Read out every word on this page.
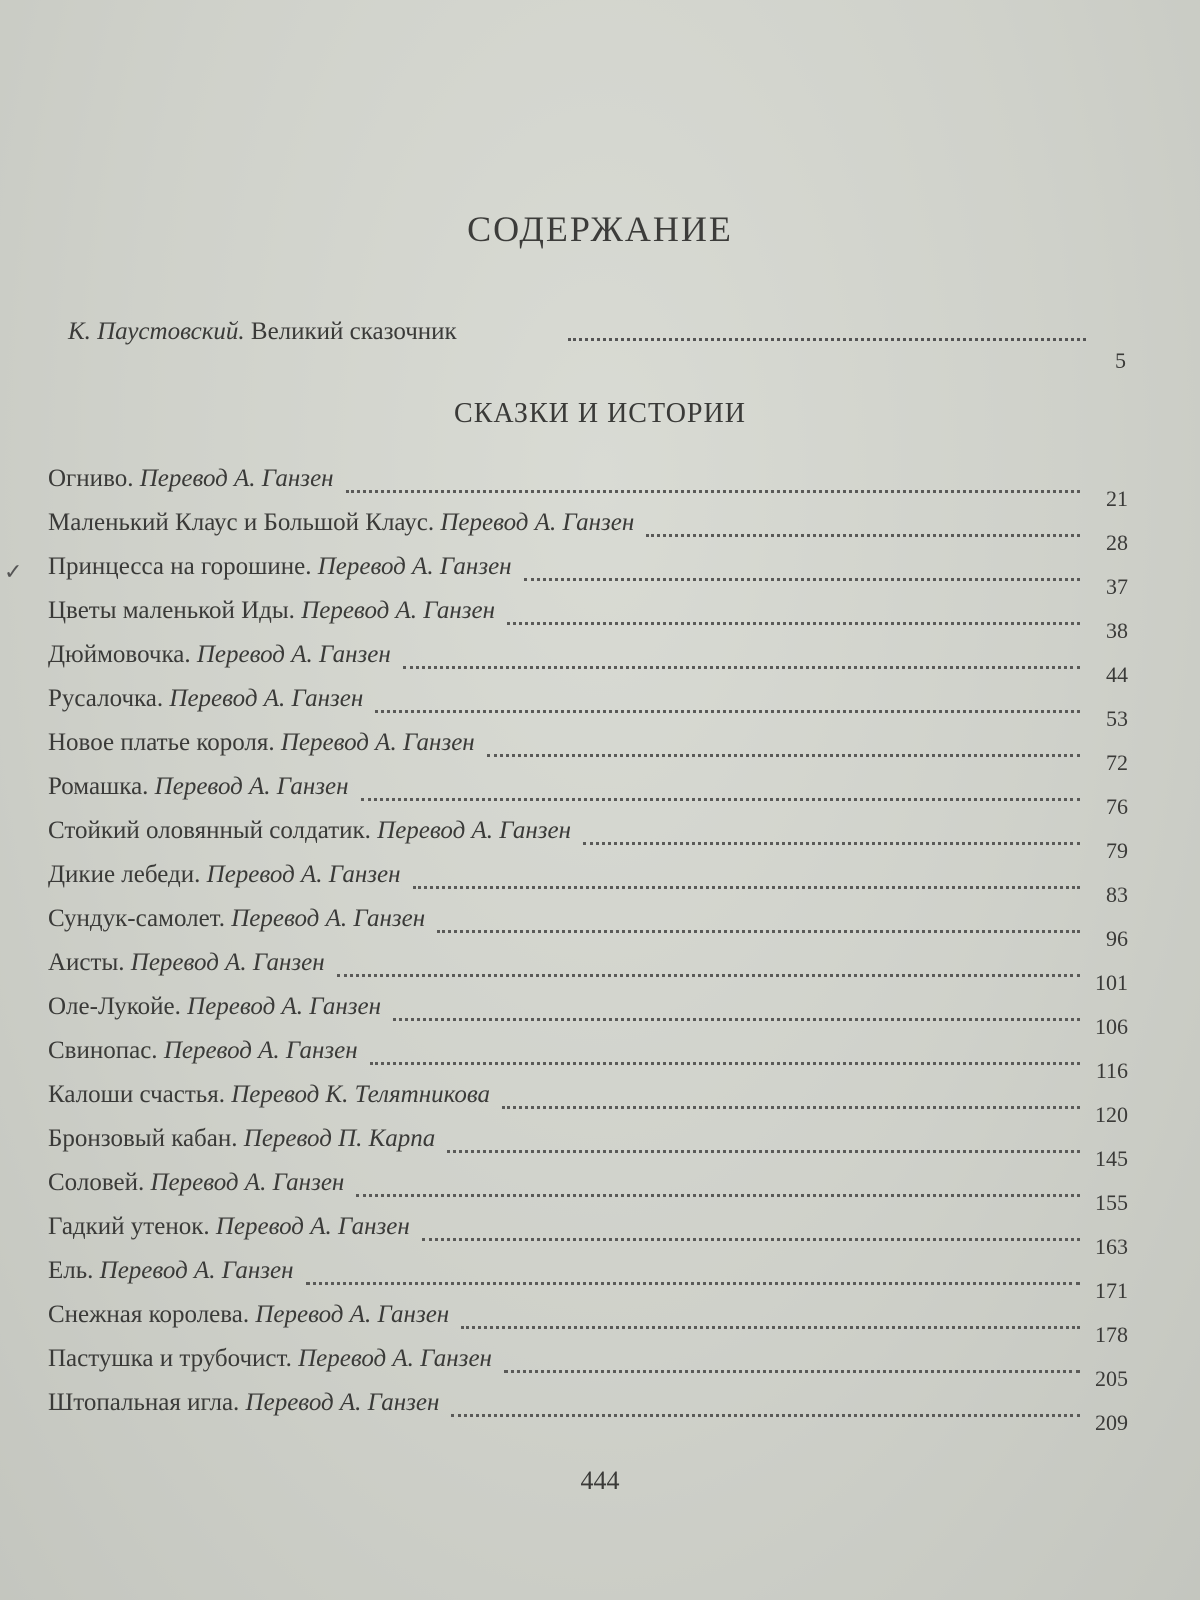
СОДЕРЖАНИЕ
К. Паустовский. Великий сказочник
5
СКАЗКИ И ИСТОРИИ
Огниво. Перевод А. Ганзен
21
Маленький Клаус и Большой Клаус. Перевод А. Ганзен
28
✓ Принцесса на горошине. Перевод А. Ганзен
37
Цветы маленькой Иды. Перевод А. Ганзен
38
Дюймовочка. Перевод А. Ганзен
44
Русалочка. Перевод А. Ганзен
53
Новое платье короля. Перевод А. Ганзен
72
Ромашка. Перевод А. Ганзен
76
Стойкий оловянный солдатик. Перевод А. Ганзен
79
Дикие лебеди. Перевод А. Ганзен
83
Сундук-самолет. Перевод А. Ганзен
96
Аисты. Перевод А. Ганзен
101
Оле-Лукойе. Перевод А. Ганзен
106
Свинопас. Перевод А. Ганзен
116
Калоши счастья. Перевод К. Телятникова
120
Бронзовый кабан. Перевод П. Карпа
145
Соловей. Перевод А. Ганзен
155
Гадкий утенок. Перевод А. Ганзен
163
Ель. Перевод А. Ганзен
171
Снежная королева. Перевод А. Ганзен
178
Пастушка и трубочист. Перевод А. Ганзен
205
Штопальная игла. Перевод А. Ганзен
209
444
